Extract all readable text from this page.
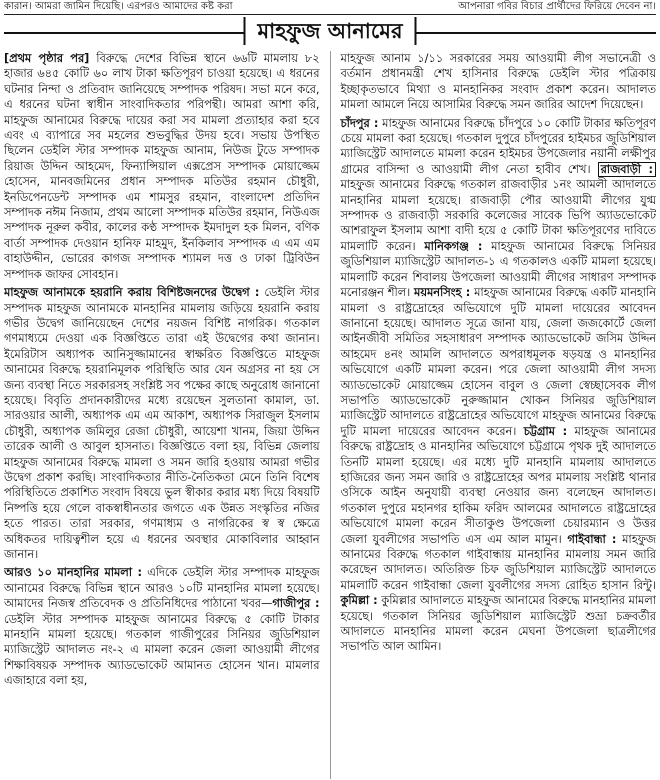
কারান। আমরা জামিন দিয়েছি। এরপরও আমাদের কষ্ট করা	আপনারা গবির বিচার প্রার্থীদের ফিরিয়ে দেবেন না।
মাহফুজ আনামের

[প্রথম পৃষ্ঠার পর] বিরুদ্ধে দেশের বিভিন্ন স্থানে ৬৬টি মামলায় ৮২ হাজার ৬৪৫ কোটি ৬০ লাখ টাকা ক্ষতিপূরণ চাওয়া হয়েছে। এ ধরনের ঘটনার নিন্দা ও প্রতিবাদ জানিয়েছে সম্পাদক পরিষদ। সভা মনে করে, এ ধরনের ঘটনা স্বাধীন সাংবাদিকতার পরিপন্থী। আমরা আশা করি, মাহফুজ আনামের বিরুদ্ধে দায়ের করা সব মামলা প্রত্যাহার করা হবে এবং এ ব্যাপারে সব মহলের শুভবুদ্ধির উদয় হবে। সভায় উপস্থিত ছিলেন ডেইলি স্টার সম্পাদক মাহফুজ আনাম, নিউজ টুডে সম্পাদক রিয়াজ উদ্দিন আহমেদ, ফিন্যান্সিয়াল এক্সপ্রেস সম্পাদক মোয়াজ্জেম হোসেন, মানবজমিনের প্রধান সম্পাদক মতিউর রহমান চৌধুরী, ইনডিপেনডেন্ট সম্পাদক এম শামসুর রহমান, বাংলাদেশ প্রতিদিন সম্পাদক নঈম নিজাম, প্রথম আলো সম্পাদক মতিউর রহমান, নিউএজ সম্পাদক নূরুল কবীর, কালের কণ্ঠ সম্পাদক ইমদাদুল হক মিলন, বণিক বার্তা সম্পাদক দেওয়ান হানিফ মাহমুদ, ইনকিলাব সম্পাদক এ এম এম বাহাউদ্দীন, ভোরের কাগজ সম্পাদক শ্যামল দত্ত ও ঢাকা ট্রিবিউন সম্পাদক জাফর সোবহান।

মাহফুজ আনামকে হয়রানি করায় বিশিষ্টজনদের উদ্বেগ : ডেইলি স্টার সম্পাদক মাহফুজ আনামকে মানহানির মামলায় জড়িয়ে হয়রানি করায় গভীর উদ্বেগ জানিয়েছেন দেশের নয়জন বিশিষ্ট নাগরিক। গতকাল গণমাধ্যমে দেওয়া এক বিজ্ঞপ্তিতে তারা এই উদ্বেগের কথা জানান। ইমেরিটাস অধ্যাপক আনিসুজ্জামানের স্বাক্ষরিত বিজ্ঞপ্তিতে মাহফুজ আনামের বিরুদ্ধে হয়রানিমূলক পরিস্থিতি আর যেন অগ্রসর না হয় সে জন্য ব্যবস্থা নিতে সরকারসহ সংশ্লিষ্ট সব পক্ষের কাছে অনুরোধ জানানো হয়েছে। বিবৃতি প্রদানকারীদের মধ্যে রয়েছেন সুলতানা কামাল, ডা. সারওয়ার আলী, অধ্যাপক এম এম আকাশ, অধ্যাপক সিরাজুল ইসলাম চৌধুরী, অধ্যাপক জমিলুর রেজা চৌধুরী, আয়েশা খানম, জিয়া উদ্দিন তারেক আলী ও আবুল হাসনাত। বিজ্ঞপ্তিতে বলা হয়, বিভিন্ন জেলায় মাহফুজ আনামের বিরুদ্ধে মামলা ও সমন জারি হওয়ায় আমরা গভীর উদ্বেগ প্রকাশ করছি। সাংবাদিকতার নীতি-নৈতিকতা মেনে তিনি বিশেষ পরিস্থিতিতে প্রকাশিত সংবাদ বিষয়ে ভুল স্বীকার করার মধ্য দিয়ে বিষয়টি নিষ্পত্তি হয়ে গেলে বাকস্বাধীনতার জগতে এক উন্নত সংস্কৃতির নজির হতে পারত। তারা সরকার, গণমাধ্যম ও নাগরিকের স্ব স্ব ক্ষেত্রে অধিকতর দায়িত্বশীল হয়ে এ ধরনের অবস্থার মোকাবিলার আহ্বান জানান।

আরও ১০ মানহানির মামলা : এদিকে ডেইলি স্টার সম্পাদক মাহফুজ আনামের বিরুদ্ধে বিভিন্ন স্থানে আরও ১০টি মানহানির মামলা হয়েছে। আমাদের নিজস্ব প্রতিবেদক ও প্রতিনিধিদের পাঠানো খবর—গাজীপুর : ডেইলি স্টার সম্পাদক মাহফুজ আনামের বিরুদ্ধে ৫ কোটি টাকার মানহানি মামলা হয়েছে। গতকাল গাজীপুরের সিনিয়র জুডিশিয়াল ম্যাজিস্ট্রেট আদালত নং-২ এ মামলা করেন জেলা আওয়ামী লীগের শিক্ষাবিষয়ক সম্পাদক অ্যাডভোকেট আমানত হোসেন খান। মামলার এজাহারে বলা হয়,

মাহফুজ আনাম ১/১১ সরকারের সময় আওয়ামী লীগ সভানেত্রী ও বর্তমান প্রধানমন্ত্রী শেখ হাসিনার বিরুদ্ধে ডেইলি স্টার পত্রিকায় ইচ্ছাকৃতভাবে মিথ্যা ও মানহানিকর সংবাদ প্রকাশ করেন। আদালত মামলা আমলে নিয়ে আসামির বিরুদ্ধে সমন জারির আদেশ দিয়েছেন।

চাঁদপুর : মাহফুজ আনামের বিরুদ্ধে চাঁদপুরে ১০ কোটি টাকার ক্ষতিপূরণ চেয়ে মামলা করা হয়েছে। গতকাল দুপুরে চাঁদপুরের হাইমচর জুডিশিয়াল ম্যাজিস্ট্রেট আদালতে মামলা করেন হাইমচর উপজেলার নয়ানী লক্ষীপুর গ্রামের বাসিন্দা ও আওয়ামী লীগ নেতা হাবীব শেখ। রাজবাড়ী : মাহফুজ আনামের বিরুদ্ধে গতকাল রাজবাড়ীর ১নং আমলী আদালতে মানহানির মামলা হয়েছে। রাজবাড়ী পৌর আওয়ামী লীগের যুগ্ম সম্পাদক ও রাজবাড়ী সরকারি কলেজের সাবেক ভিপি অ্যাডভোকেট আশরাফুল ইসলাম আশা বাদী হয়ে ৫ কোটি টাকা ক্ষতিপূরণের দাবিতে মামলাটি করেন। মানিকগঞ্জ : মাহফুজ আনামের বিরুদ্ধে সিনিয়র জুডিশিয়াল ম্যাজিস্ট্রেট আদালত-১ এ গতকালও একটি মামলা হয়েছে। মামলাটি করেন শিবালয় উপজেলা আওয়ামী লীগের সাধারণ সম্পাদক মনোরঞ্জন শীল। ময়মনসিংহ : মাহফুজ আনামের বিরুদ্ধে একটি মানহানি মামলা ও রাষ্ট্রদ্রোহের অভিযোগে দুটি মামলা দায়েরের আবেদন জানানো হয়েছে। আদালত সূত্রে জানা যায়, জেলা জজকোর্টে জেলা আইনজীবী সমিতির সহসাধারণ সম্পাদক অ্যাডভোকেট জসিম উদ্দিন আহমেদ ৪নং আমলি আদালতে অপরাধমূলক ষড়যন্ত্র ও মানহানির অভিযোগে একটি মামলা করেন। পরে জেলা আওয়ামী লীগ সদস্য অ্যাডভোকেট মোয়াজ্জেম হোসেন বাবুল ও জেলা স্বেচ্ছাসেবক লীগ সভাপতি অ্যাডভোকেট নুরুজ্জামান খোকন সিনিয়র জুডিশিয়াল ম্যাজিস্ট্রেট আদালতে রাষ্ট্রদ্রোহের অভিযোগে মাহফুজ আনামের বিরুদ্ধে দুটি মামলা দায়েরের আবেদন করেন। চট্টগ্রাম : মাহফুজ আনামের বিরুদ্ধে রাষ্ট্রদ্রোহ ও মানহানির অভিযোগে চট্টগ্রামে পৃথক দুই আদালতে তিনটি মামলা হয়েছে। এর মধ্যে দুটি মানহানি মামলায় আদালতে হাজিরের জন্য সমন জারি ও রাষ্ট্রদ্রোহের অপর মামলায় সংশ্লিষ্ট থানার ওসিকে আইন অনুযায়ী ব্যবস্থা নেওয়ার জন্য বলেছেন আদালত। গতকাল দুপুরে মহানগর হাকিম ফরিদ আলমের আদালতে রাষ্ট্রদ্রোহের অভিযোগে মামলা করেন সীতাকুণ্ড উপজেলা চেয়ারম্যান ও উত্তর জেলা যুবলীগের সভাপতি এস এম আল মামুন। গাইবান্ধা : মাহফুজ আনামের বিরুদ্ধে গতকাল গাইবান্ধায় মানহানির মামলায় সমন জারি করেছেন আদালত। অতিরিক্ত চিফ জুডিশিয়াল ম্যাজিস্ট্রেট আদালতে মামলাটি করেন গাইবান্ধা জেলা যুবলীগের সদস্য রোহিত হাসান রিন্টু। কুমিল্লা : কুমিল্লার আদালতে মাহফুজ আনামের বিরুদ্ধে মানহানির মামলা হয়েছে। গতকাল সিনিয়র জুডিশিয়াল ম্যাজিস্ট্রেট শুভ্রা চক্রবর্তীর আদালতে মানহানির মামলা করেন মেঘনা উপজেলা ছাত্রলীগের সভাপতি আল আমিন।
